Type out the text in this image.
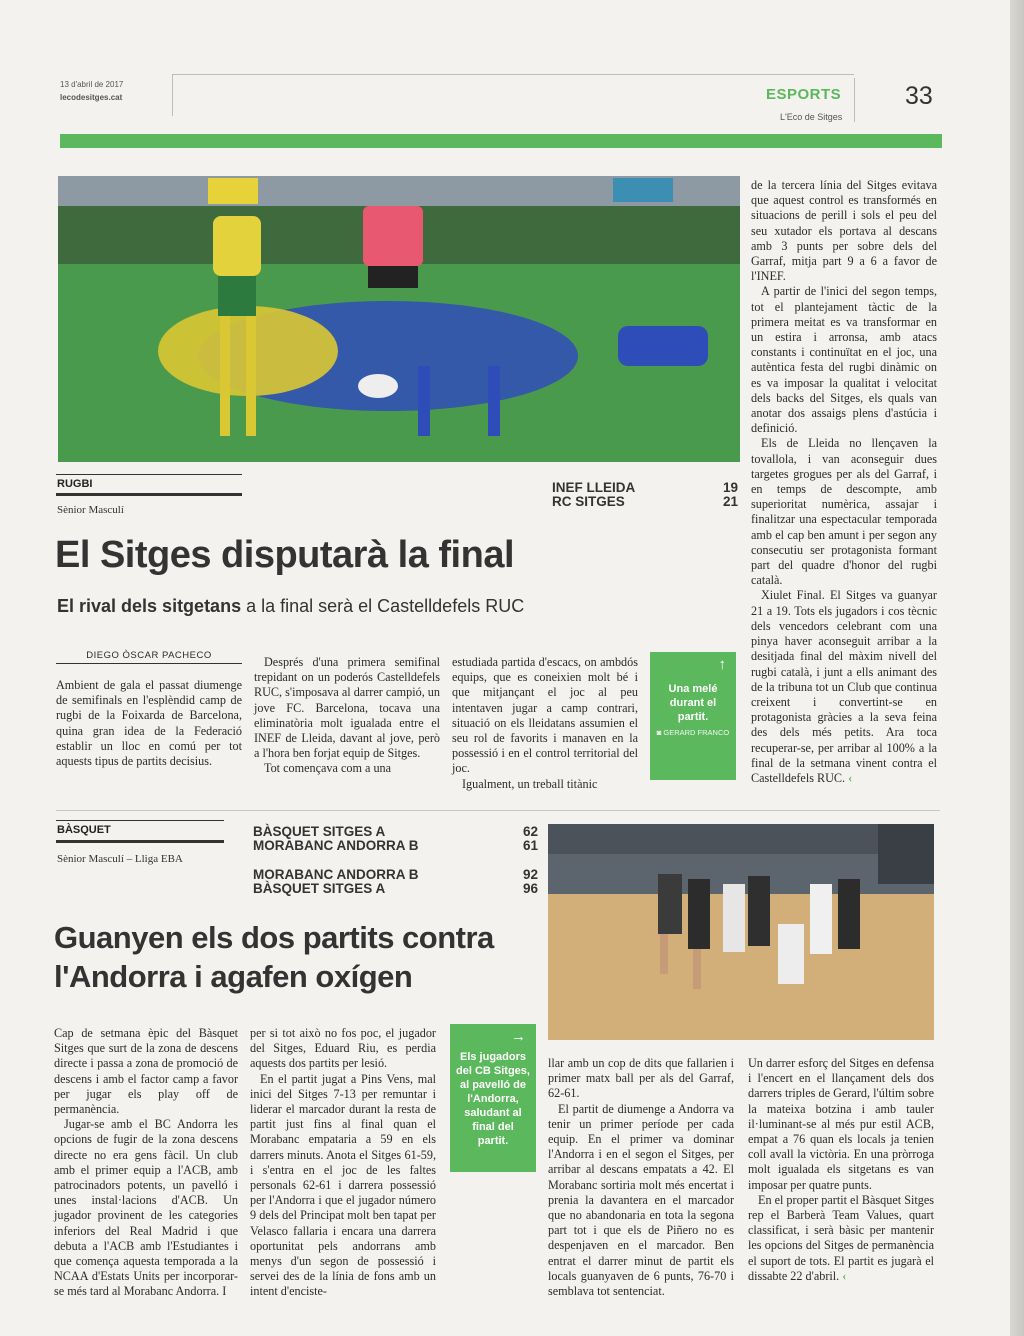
13 d'abril de 2017
lecodesitges.cat	ESPORTS
L'Eco de Sitges
33
RUGBI
Sènior Masculí
INEF LLEIDA	19
RC SITGES	21
El Sitges disputarà la final
El rival dels sitgetans a la final serà el Castelldefels RUC
DIEGO ÒSCAR PACHECO

Ambient de gala el passat diumenge de semifinals en l'esplèndid camp de rugbi de la Foixarda de Barcelona, quina gran idea de la Federació establir un lloc en comú per tot aquests tipus de partits decisius.

Després d'una primera semifinal trepidant on un poderós Castelldefels RUC, s'imposava al darrer campió, un jove FC. Barcelona, tocava una eliminatòria molt igualada entre el INEF de Lleida, davant al jove, però a l'hora ben forjat equip de Sitges.

Tot començava com a una

estudiada partida d'escacs, on ambdós equips, que es coneixien molt bé i que mitjançant el joc al peu intentaven jugar a camp contrari, situació on els lleidatans assumien el seu rol de favorits i manaven en la possessió i en el control territorial del joc.

Igualment, un treball titànic

↑
Una melé durant el partit.
◙ GERARD FRANCO

de la tercera línia del Sitges evitava que aquest control es transformés en situacions de perill i sols el peu del seu xutador els portava al descans amb 3 punts per sobre dels del Garraf, mitja part 9 a 6 a favor de l'INEF.

A partir de l'inici del segon temps, tot el plantejament tàctic de la primera meitat es va transformar en un estira i arronsa, amb atacs constants i continuïtat en el joc, una autèntica festa del rugbi dinàmic on es va imposar la qualitat i velocitat dels backs del Sitges, els quals van anotar dos assaigs plens d'astúcia i definició.

Els de Lleida no llençaven la tovallola, i van aconseguir dues targetes grogues per als del Garraf, i en temps de descompte, amb superioritat numèrica, assajar i finalitzar una espectacular temporada amb el cap ben amunt i per segon any consecutiu ser protagonista formant part del quadre d'honor del rugbi català.

Xiulet Final. El Sitges va guanyar 21 a 19. Tots els jugadors i cos tècnic dels vencedors celebrant com una pinya haver aconseguit arribar a la desitjada final del màxim nivell del rugbi català, i junt a ells animant des de la tribuna tot un Club que continua creixent i convertint-se en protagonista gràcies a la seva feina des dels més petits. Ara toca recuperar-se, per arribar al 100% a la final de la setmana vinent contra el Castelldefels RUC. ‹

BÀSQUET
Sènior Masculí – Lliga EBA
BÀSQUET SITGES A	62
MORABANC ANDORRA B	61
MORABANC ANDORRA B	92
BÀSQUET SITGES A	96
Guanyen els dos partits contra
l'Andorra i agafen oxígen

Cap de setmana èpic del Bàsquet Sitges que surt de la zona de descens directe i passa a zona de promoció de descens i amb el factor camp a favor per jugar els play off de permanència.

Jugar-se amb el BC Andorra les opcions de fugir de la zona descens directe no era gens fàcil. Un club amb el primer equip a l'ACB, amb patrocinadors potents, un pavelló i unes instal·lacions d'ACB. Un jugador provinent de les categories inferiors del Real Madrid i que debuta a l'ACB amb l'Estudiantes i que comença aquesta temporada a la NCAA d'Estats Units per incorporar-se més tard al Morabanc Andorra. I

per si tot això no fos poc, el jugador del Sitges, Eduard Riu, es perdia aquests dos partits per lesió.

En el partit jugat a Pins Vens, mal inici del Sitges 7-13 per remuntar i liderar el marcador durant la resta de partit just fins al final quan el Morabanc empataria a 59 en els darrers minuts. Anota el Sitges 61-59, i s'entra en el joc de les faltes personals 62-61 i darrera possessió per l'Andorra i que el jugador número 9 dels del Principat molt ben tapat per Velasco fallaria i encara una darrera oportunitat pels andorrans amb menys d'un segon de possessió i servei des de la línia de fons amb un intent d'enciste-

→
Els jugadors del CB Sitges, al pavelló de l'Andorra, saludant al final del partit.

llar amb un cop de dits que fallarien i primer matx ball per als del Garraf, 62-61.

El partit de diumenge a Andorra va tenir un primer període per cada equip. En el primer va dominar l'Andorra i en el segon el Sitges, per arribar al descans empatats a 42. El Morabanc sortiria molt més encertat i prenia la davantera en el marcador que no abandonaria en tota la segona part tot i que els de Piñero no es despenjaven en el marcador. Ben entrat el darrer minut de partit els locals guanyaven de 6 punts, 76-70 i semblava tot sentenciat.

Un darrer esforç del Sitges en defensa i l'encert en el llançament dels dos darrers triples de Gerard, l'últim sobre la mateixa botzina i amb tauler il·luminant-se al més pur estil ACB, empat a 76 quan els locals ja tenien coll avall la victòria. En una pròrroga molt igualada els sitgetans es van imposar per quatre punts.

En el proper partit el Bàsquet Sitges rep el Barberà Team Values, quart classificat, i serà bàsic per mantenir les opcions del Sitges de permanència el suport de tots. El partit es jugarà el dissabte 22 d'abril. ‹
